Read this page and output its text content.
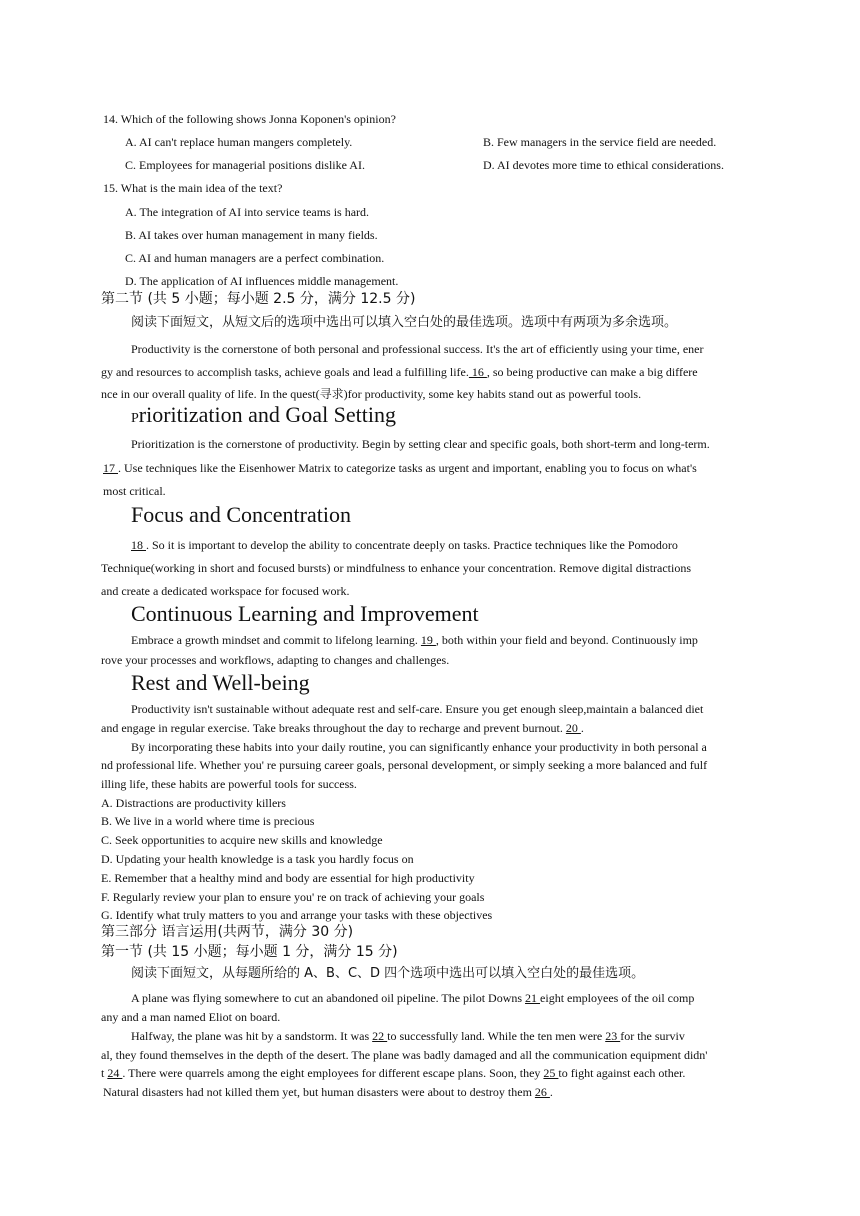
14. Which of the following shows Jonna Koponen's opinion?
A. AI can't replace human mangers completely.	B. Few managers in the service field are needed.
C. Employees for managerial positions dislike AI.	D. AI devotes more time to ethical considerations.
15. What is the main idea of the text?
A. The integration of AI into service teams is hard.
B. AI takes over human management in many fields.
C. AI and human managers are a perfect combination.
D. The application of AI influences middle management.
第二节 (共 5 小题；每小题 2.5 分，满分 12.5 分)
阅读下面短文，从短文后的选项中选出可以填入空白处的最佳选项。选项中有两项为多余选项。
Productivity is the cornerstone of both personal and professional success. It's the art of efficiently using your time, ener
gy and resources to accomplish tasks, achieve goals and lead a fulfilling life. 16 , so being productive can make a big differe
nce in our overall quality of life. In the quest(寻求)for productivity, some key habits stand out as powerful tools.
Prioritization and Goal Setting
Prioritization is the cornerstone of productivity. Begin by setting clear and specific goals, both short-term and long-term.
17 . Use techniques like the Eisenhower Matrix to categorize tasks as urgent and important, enabling you to focus on what's
most critical.
Focus and Concentration
18 . So it is important to develop the ability to concentrate deeply on tasks. Practice techniques like the Pomodoro
Technique(working in short and focused bursts) or mindfulness to enhance your concentration. Remove digital distractions
and create a dedicated workspace for focused work.
Continuous Learning and Improvement
Embrace a growth mindset and commit to lifelong learning. 19 , both within your field and beyond. Continuously imp
rove your processes and workflows, adapting to changes and challenges.
Rest and Well-being
Productivity isn't sustainable without adequate rest and self-care. Ensure you get enough sleep,maintain a balanced diet
and engage in regular exercise. Take breaks throughout the day to recharge and prevent burnout. 20 .
By incorporating these habits into your daily routine, you can significantly enhance your productivity in both personal a
nd professional life. Whether you' re pursuing career goals, personal development, or simply seeking a more balanced and fulf
illing life, these habits are powerful tools for success.
A. Distractions are productivity killers
B. We live in a world where time is precious
C. Seek opportunities to acquire new skills and knowledge
D. Updating your health knowledge is a task you hardly focus on
E. Remember that a healthy mind and body are essential for high productivity
F. Regularly review your plan to ensure you' re on track of achieving your goals
G. Identify what truly matters to you and arrange your tasks with these objectives
第三部分 语言运用(共两节，满分 30 分)
第一节 (共 15 小题；每小题 1 分，满分 15 分)
阅读下面短文，从每题所给的 A、B、C、D 四个选项中选出可以填入空白处的最佳选项。
A plane was flying somewhere to cut an abandoned oil pipeline. The pilot Downs 21 eight employees of the oil comp
any and a man named Eliot on board.
Halfway, the plane was hit by a sandstorm. It was 22 to successfully land. While the ten men were 23 for the surviv
al, they found themselves in the depth of the desert. The plane was badly damaged and all the communication equipment didn'
t 24 . There were quarrels among the eight employees for different escape plans. Soon, they 25 to fight against each other.
Natural disasters had not killed them yet, but human disasters were about to destroy them 26 .
